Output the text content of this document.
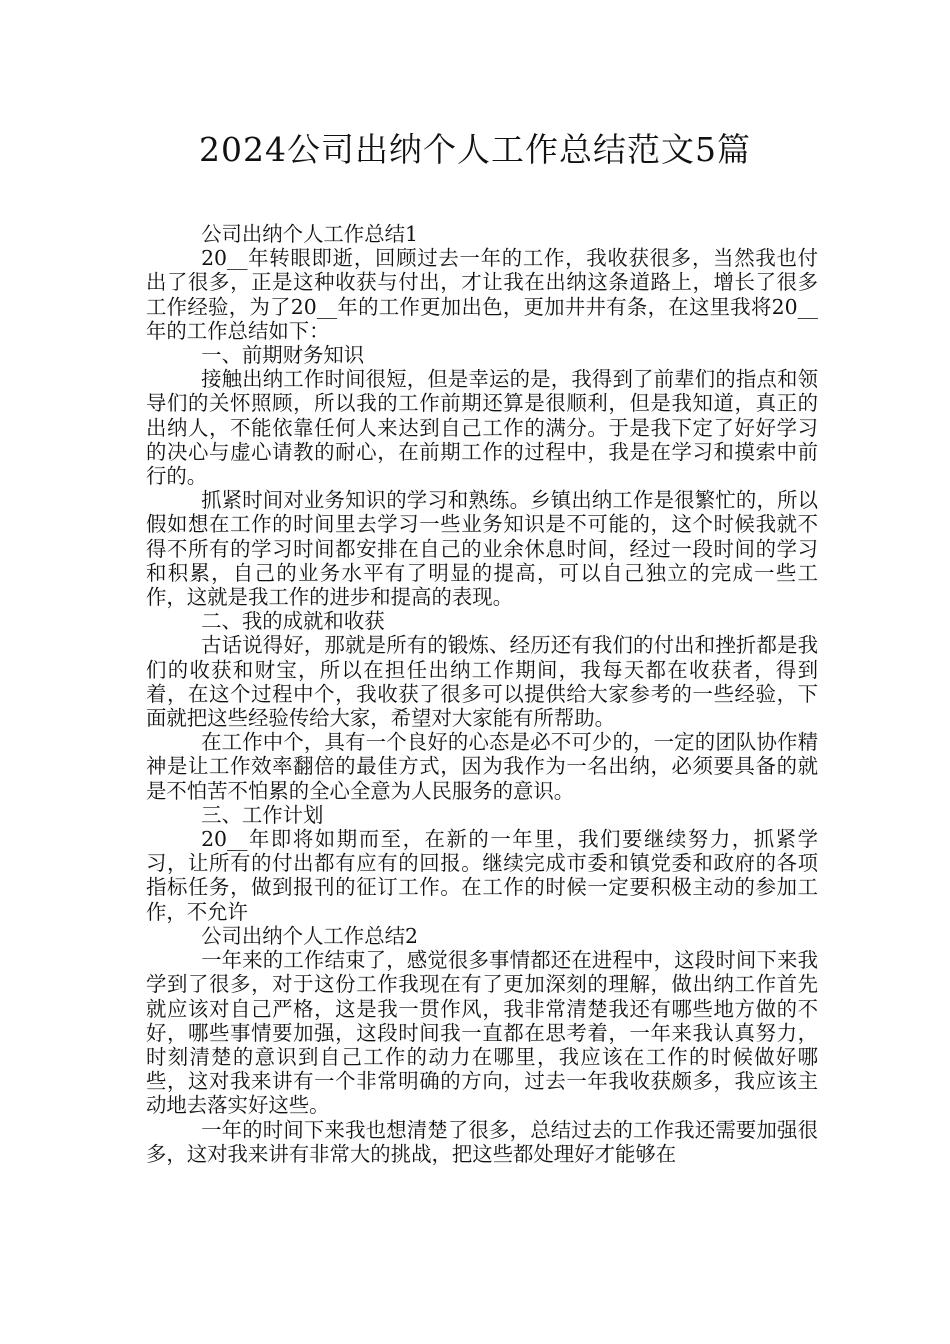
2024公司出纳个人工作总结范文5篇

公司出纳个人工作总结1

20__年转眼即逝，回顾过去一年的工作，我收获很多，当然我也付出了很多，正是这种收获与付出，才让我在出纳这条道路上，增长了很多工作经验，为了20__年的工作更加出色，更加井井有条，在这里我将20__年的工作总结如下：

一、前期财务知识

接触出纳工作时间很短，但是幸运的是，我得到了前辈们的指点和领导们的关怀照顾，所以我的工作前期还算是很顺利，但是我知道，真正的出纳人，不能依靠任何人来达到自己工作的满分。于是我下定了好好学习的决心与虚心请教的耐心，在前期工作的过程中，我是在学习和摸索中前行的。

抓紧时间对业务知识的学习和熟练。乡镇出纳工作是很繁忙的，所以假如想在工作的时间里去学习一些业务知识是不可能的，这个时候我就不得不所有的学习时间都安排在自己的业余休息时间，经过一段时间的学习和积累，自己的业务水平有了明显的提高，可以自己独立的完成一些工作，这就是我工作的进步和提高的表现。

二、我的成就和收获

古话说得好，那就是所有的锻炼、经历还有我们的付出和挫折都是我们的收获和财宝，所以在担任出纳工作期间，我每天都在收获者，得到着，在这个过程中个，我收获了很多可以提供给大家参考的一些经验，下面就把这些经验传给大家，希望对大家能有所帮助。

在工作中个，具有一个良好的心态是必不可少的，一定的团队协作精神是让工作效率翻倍的最佳方式，因为我作为一名出纳，必须要具备的就是不怕苦不怕累的全心全意为人民服务的意识。

三、工作计划

20__年即将如期而至，在新的一年里，我们要继续努力，抓紧学习，让所有的付出都有应有的回报。继续完成市委和镇党委和政府的各项指标任务，做到报刊的征订工作。在工作的时候一定要积极主动的参加工作，不允许

公司出纳个人工作总结2

一年来的工作结束了，感觉很多事情都还在进程中，这段时间下来我学到了很多，对于这份工作我现在有了更加深刻的理解，做出纳工作首先就应该对自己严格，这是我一贯作风，我非常清楚我还有哪些地方做的不好，哪些事情要加强，这段时间我一直都在思考着，一年来我认真努力，时刻清楚的意识到自己工作的动力在哪里，我应该在工作的时候做好哪些，这对我来讲有一个非常明确的方向，过去一年我收获颇多，我应该主动地去落实好这些。

一年的时间下来我也想清楚了很多，总结过去的工作我还需要加强很多，这对我来讲有非常大的挑战，把这些都处理好才能够在
